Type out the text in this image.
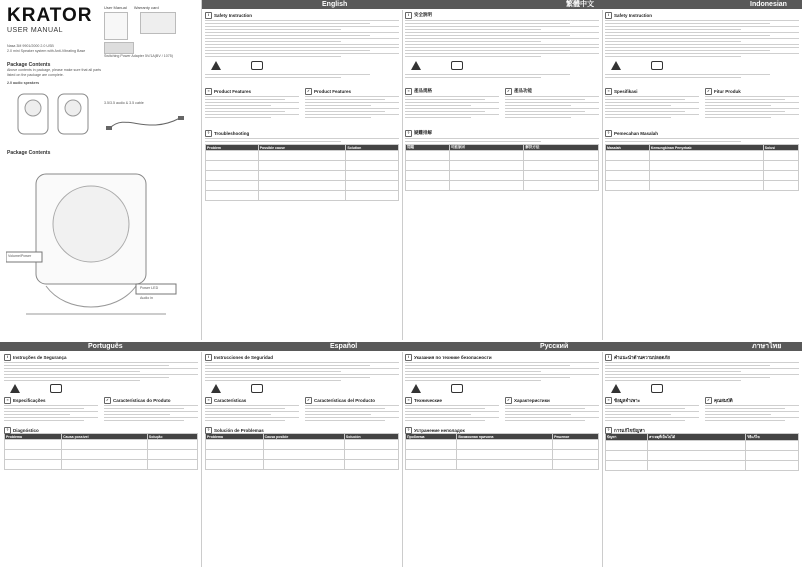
KRATOR
USER MANUAL
User Manual Warranty card
Nasa 3M 9901/2000 2.0 USB
2.0 mini Speaker system with Anti-Vibrating Base
Switching Power Adapter 5V/1A(BV / 1075)
Package Contents
Above contents in package, please make sure that all parts listed on the package are complete.
2.0 audio speakers
3.5/3.5 audio & 3.5 cable
Package Contents
Volume/Power
Power LED
Audio in
English	繁體中文	Indonesian
i	Safety Instruction
≡ Product Features	✓ Product Features
? Troubleshooting
Problem	Possible cause	Solution

i	安全說明
≡ 產品規格	✓ 產品功能
? 疑難排解
問題	可能原因	解決方法

i	Safety Instruction
≡ Spesifikasi	✓ Fitur Produk
? Pemecahan Masalah
Masalah	Kemungkinan Penyebab	Solusi

Português	Español	Русский	ภาษาไทย
i	Instruções de Segurança
≡ Especificações	✓ Características do Produto
? Diagnóstico
Problema	Causa possível	Solução

i	Instrucciones de Seguridad
≡ Características	✓ Características del Producto
? Solución de Problemas
Problema	Causa posible	Solución

i	Указания по технике безопасности
≡ Технические	✓ Характеристики
? Устранение неполадок
Проблема	Возможная причина	Решение

i	คำแนะนำด้านความปลอดภัย
≡ ข้อมูลจำเพาะ	✓ คุณสมบัติ
? การแก้ไขปัญหา
ปัญหา	สาเหตุที่เป็นไปได้	วิธีแก้ไข
